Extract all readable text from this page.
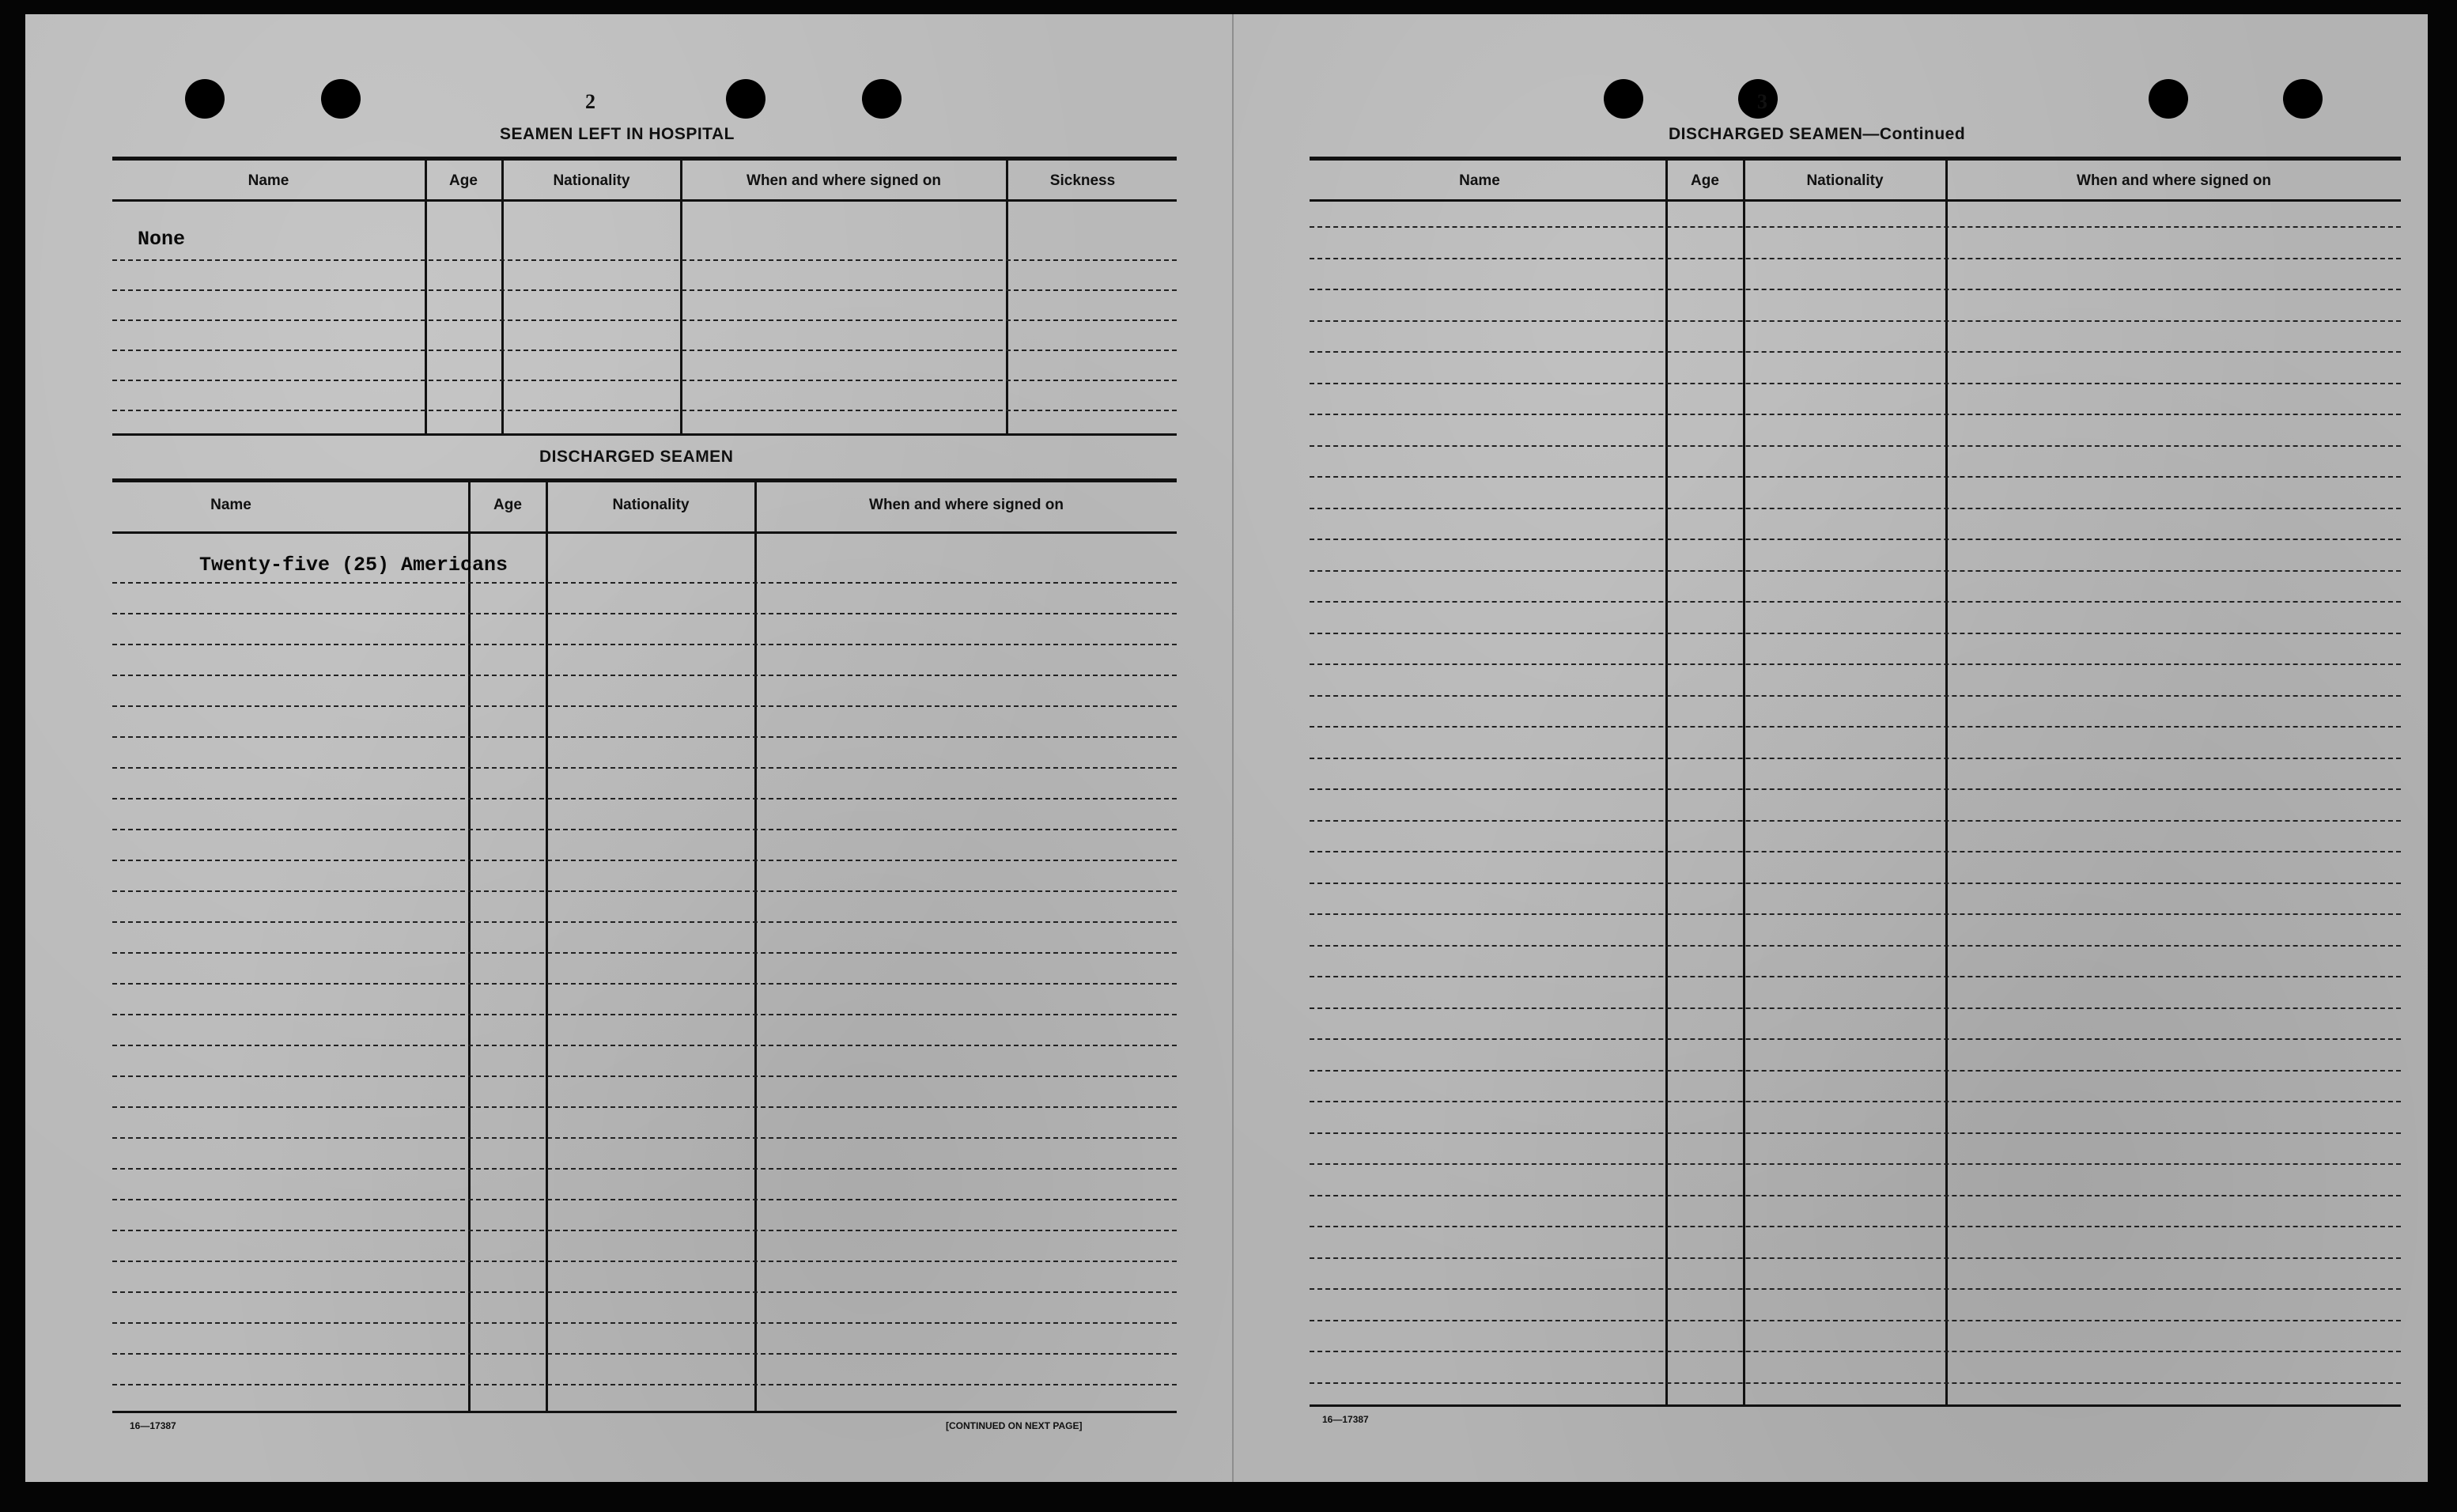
2
SEAMEN LEFT IN HOSPITAL
Name	Age	Nationality	When and where signed on	Sickness
None
DISCHARGED SEAMEN
Name	Age	Nationality	When and where signed on
Twenty-five (25) Americans
16—17387	[CONTINUED ON NEXT PAGE]
3
DISCHARGED SEAMEN—Continued
Name	Age	Nationality	When and where signed on
16—17387
